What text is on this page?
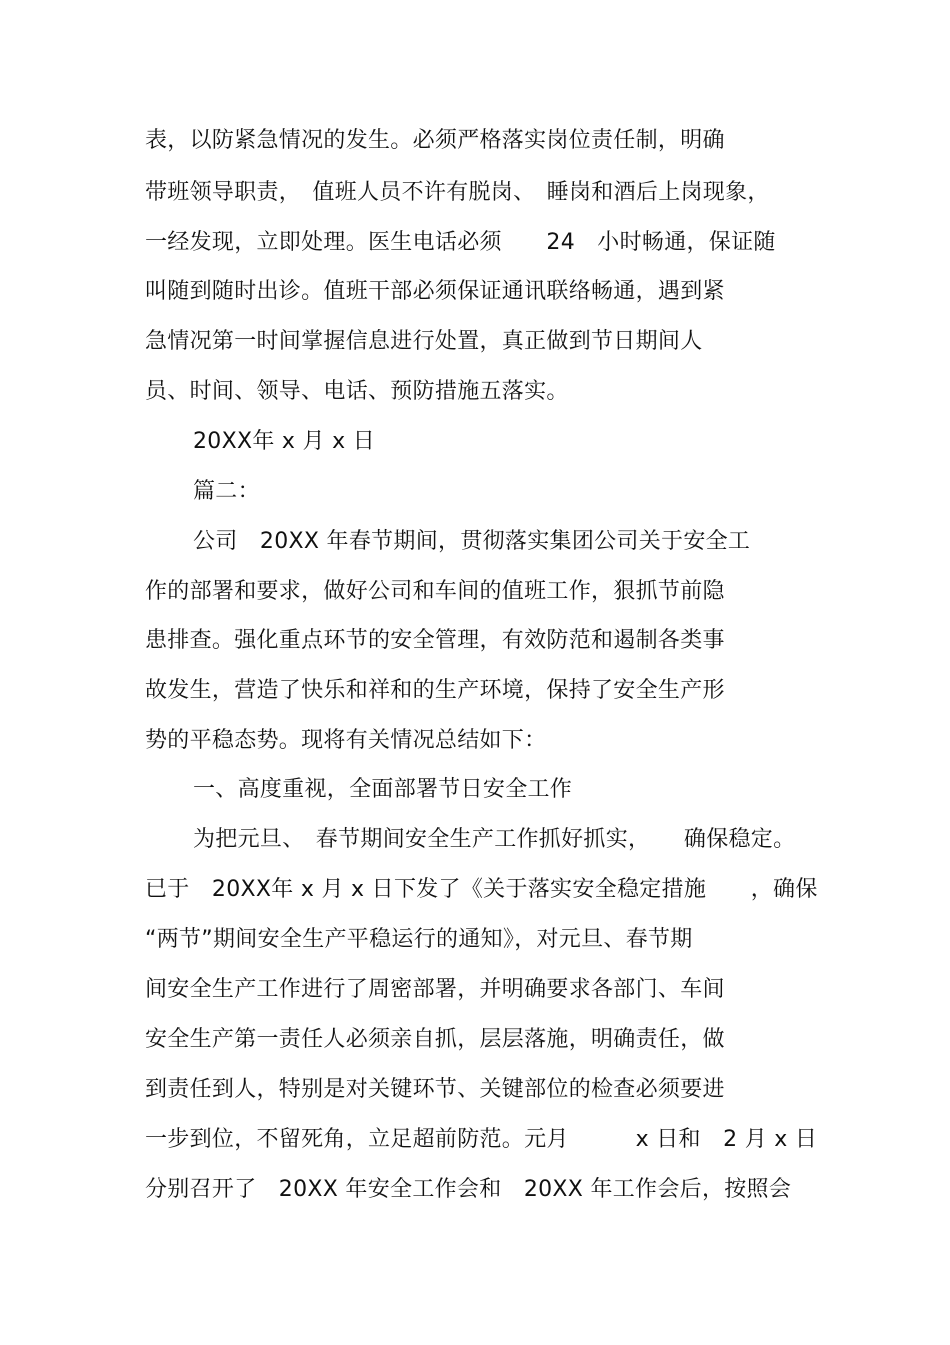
表，以防紧急情况的发生。必须严格落实岗位责任制，明确
带班领导职责，　值班人员不许有脱岗、　睡岗和酒后上岗现象，
一经发现，立即处理。医生电话必须　　24　小时畅通，保证随
叫随到随时出诊。值班干部必须保证通讯联络畅通，遇到紧
急情况第一时间掌握信息进行处置，真正做到节日期间人
员、时间、领导、电话、预防措施五落实。
20XX年 x 月 x 日
篇二：
公司　20XX 年春节期间，贯彻落实集团公司关于安全工
作的部署和要求，做好公司和车间的值班工作，狠抓节前隐
患排查。强化重点环节的安全管理，有效防范和遏制各类事
故发生，营造了快乐和祥和的生产环境，保持了安全生产形
势的平稳态势。现将有关情况总结如下：
一、高度重视，全面部署节日安全工作
为把元旦、　春节期间安全生产工作抓好抓实，　　确保稳定。
已于　20XX年 x 月 x 日下发了《关于落实安全稳定措施　　，确保
“两节”期间安全生产平稳运行的通知》，对元旦、春节期
间安全生产工作进行了周密部署，并明确要求各部门、车间
安全生产第一责任人必须亲自抓，层层落施，明确责任，做
到责任到人，特别是对关键环节、关键部位的检查必须要进
一步到位，不留死角，立足超前防范。元月　　　x 日和　2 月 x 日
分别召开了　20XX 年安全工作会和　20XX 年工作会后，按照会
